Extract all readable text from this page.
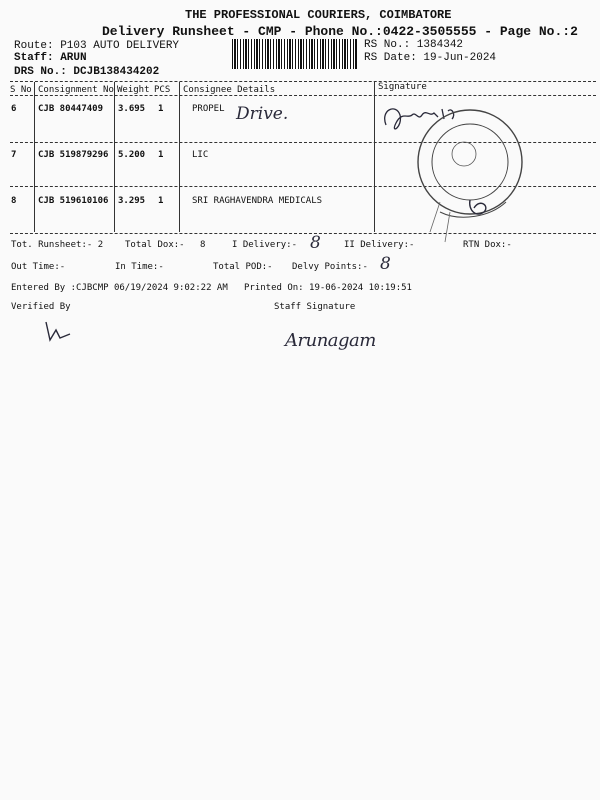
THE PROFESSIONAL COURIERS, COIMBATORE
Delivery Runsheet - CMP - Phone No.:0422-3505555 - Page No.:2
Route: P103 AUTO DELIVERY
Staff: ARUN
DRS No.: DCJB138434202
RS No.: 1384342
RS Date: 19-Jun-2024
S No Consignment No Weight PCS Consignee Details	Signature
6 CJB 80447409 3.695 1	PROPEL Drive.
7 CJB 519879296 5.200 1	LIC
8 CJB 519610106 3.295 1	SRI RAGHAVENDRA MEDICALS
Tot. Runsheet:- 2 Total Dox:- 8	I Delivery:- 8	II Delivery:-	RTN Dox:-
Out Time:-	In Time:-	Total POD:- Delvy Points:- 8
Entered By :CJBCMP 06/19/2024 9:02:22 AM Printed On: 19-06-2024 10:19:51
Verified By	Staff Signature
Arunagam
